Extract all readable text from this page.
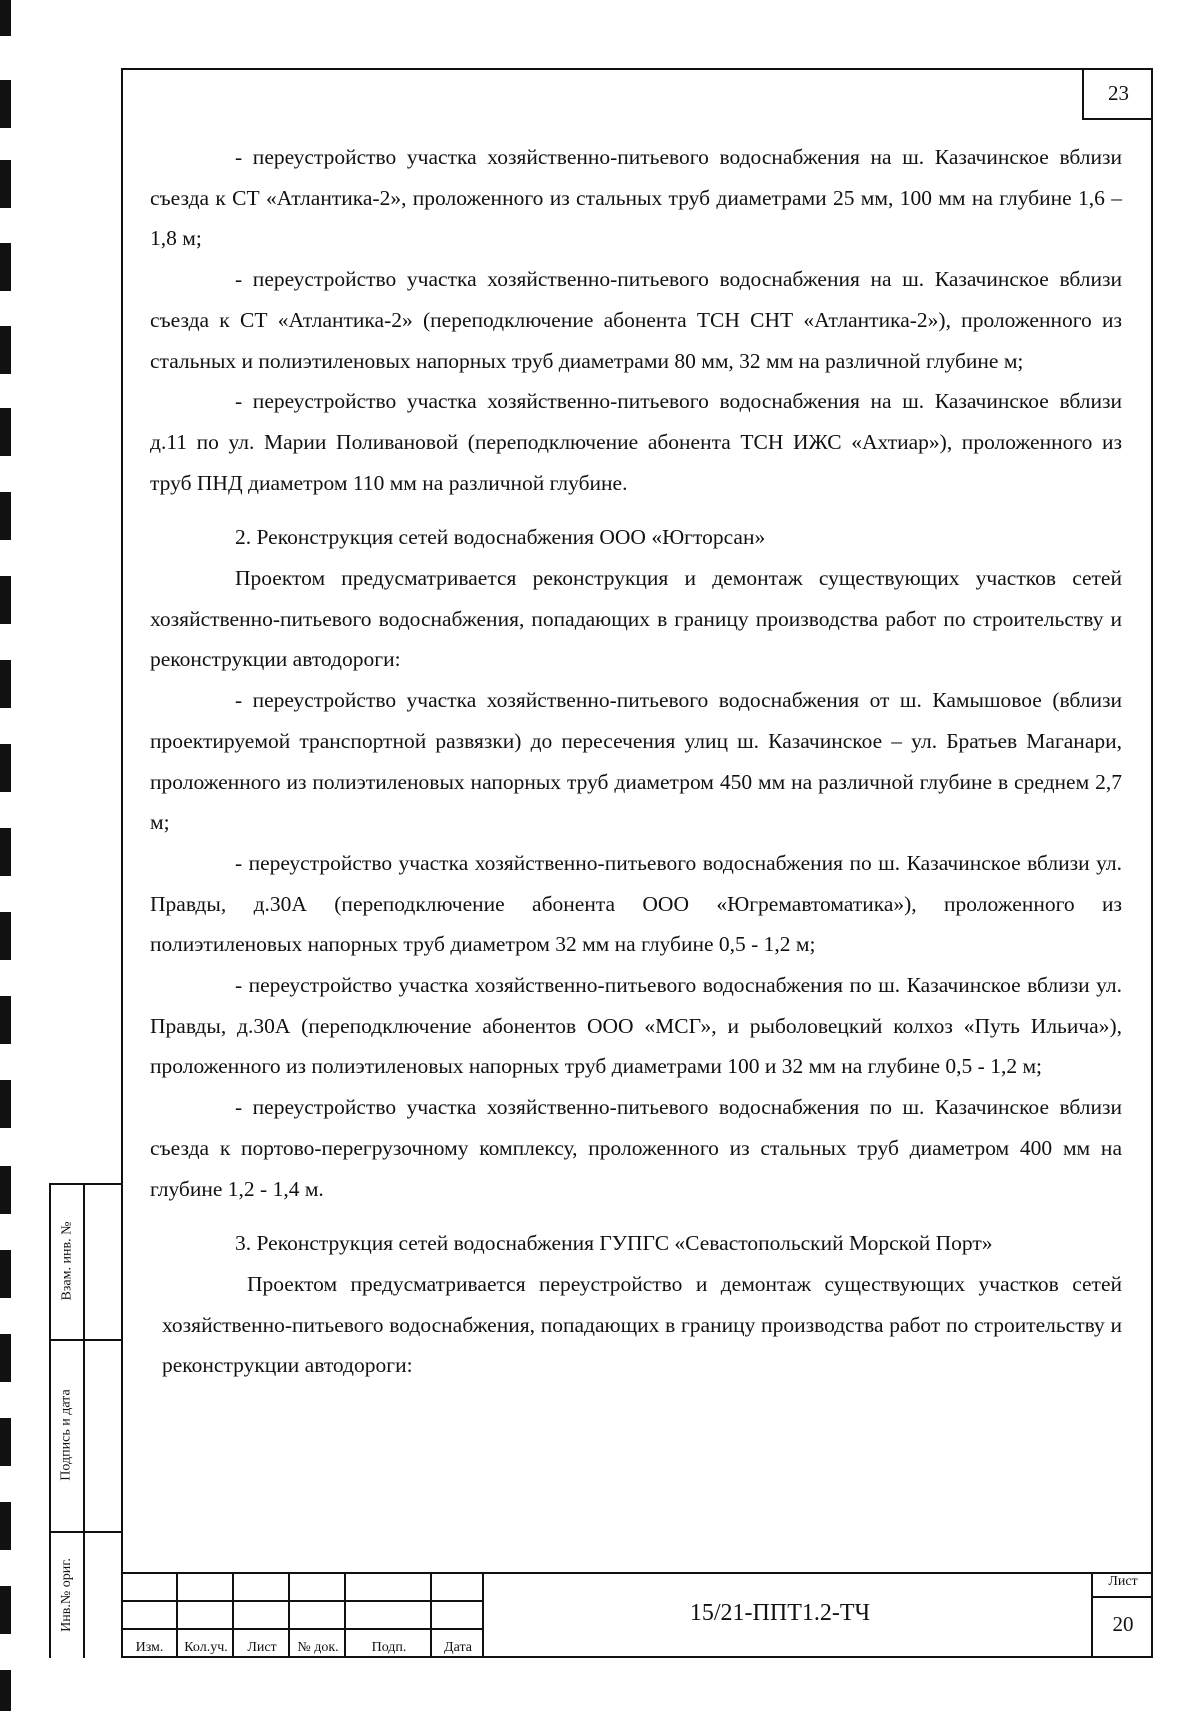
23

- переустройство участка хозяйственно-питьевого водоснабжения на ш. Казачинское вблизи съезда к СТ «Атлантика-2», проложенного из стальных труб диаметрами 25 мм, 100 мм на глубине 1,6 – 1,8 м;

- переустройство участка хозяйственно-питьевого водоснабжения на ш. Казачинское вблизи съезда к СТ «Атлантика-2» (переподключение абонента ТСН СНТ «Атлантика-2»), проложенного из стальных и полиэтиленовых напорных труб диаметрами 80 мм, 32 мм на различной глубине м;

- переустройство участка хозяйственно-питьевого водоснабжения на ш. Казачинское вблизи д.11 по ул. Марии Поливановой (переподключение абонента ТСН ИЖС «Ахтиар»), проложенного из труб ПНД диаметром 110 мм на различной глубине.

2. Реконструкция сетей водоснабжения ООО «Югторсан»

Проектом предусматривается реконструкция и демонтаж существующих участков сетей хозяйственно-питьевого водоснабжения, попадающих в границу производства работ по строительству и реконструкции автодороги:

- переустройство участка хозяйственно-питьевого водоснабжения от ш. Камышовое (вблизи проектируемой транспортной развязки) до пересечения улиц ш. Казачинское – ул. Братьев Маганари, проложенного из полиэтиленовых напорных труб диаметром 450 мм на различной глубине в среднем 2,7 м;

- переустройство участка хозяйственно-питьевого водоснабжения по ш. Казачинское вблизи ул. Правды, д.30А (переподключение абонента ООО «Югремавтоматика»), проложенного из полиэтиленовых напорных труб диаметром 32 мм на глубине 0,5 - 1,2 м;

- переустройство участка хозяйственно-питьевого водоснабжения по ш. Казачинское вблизи ул. Правды, д.30А (переподключение абонентов ООО «МСГ», и рыболовецкий колхоз «Путь Ильича»), проложенного из полиэтиленовых напорных труб диаметрами 100 и 32 мм на глубине 0,5 - 1,2 м;

- переустройство участка хозяйственно-питьевого водоснабжения по ш. Казачинское вблизи съезда к портово-перегрузочному комплексу, проложенного из стальных труб диаметром 400 мм на глубине 1,2 - 1,4 м.

3. Реконструкция сетей водоснабжения ГУПГС «Севастопольский Морской Порт»

Проектом предусматривается переустройство и демонтаж существующих участков сетей хозяйственно-питьевого водоснабжения, попадающих в границу производства работ по строительству и реконструкции автодороги:

Взам. инв. №
Подпись и дата
Инв.№ ориг.
Изм.	Кол.уч.	Лист	№ док.	Подп.	Дата
15/21-ППТ1.2-ТЧ
Лист
20
